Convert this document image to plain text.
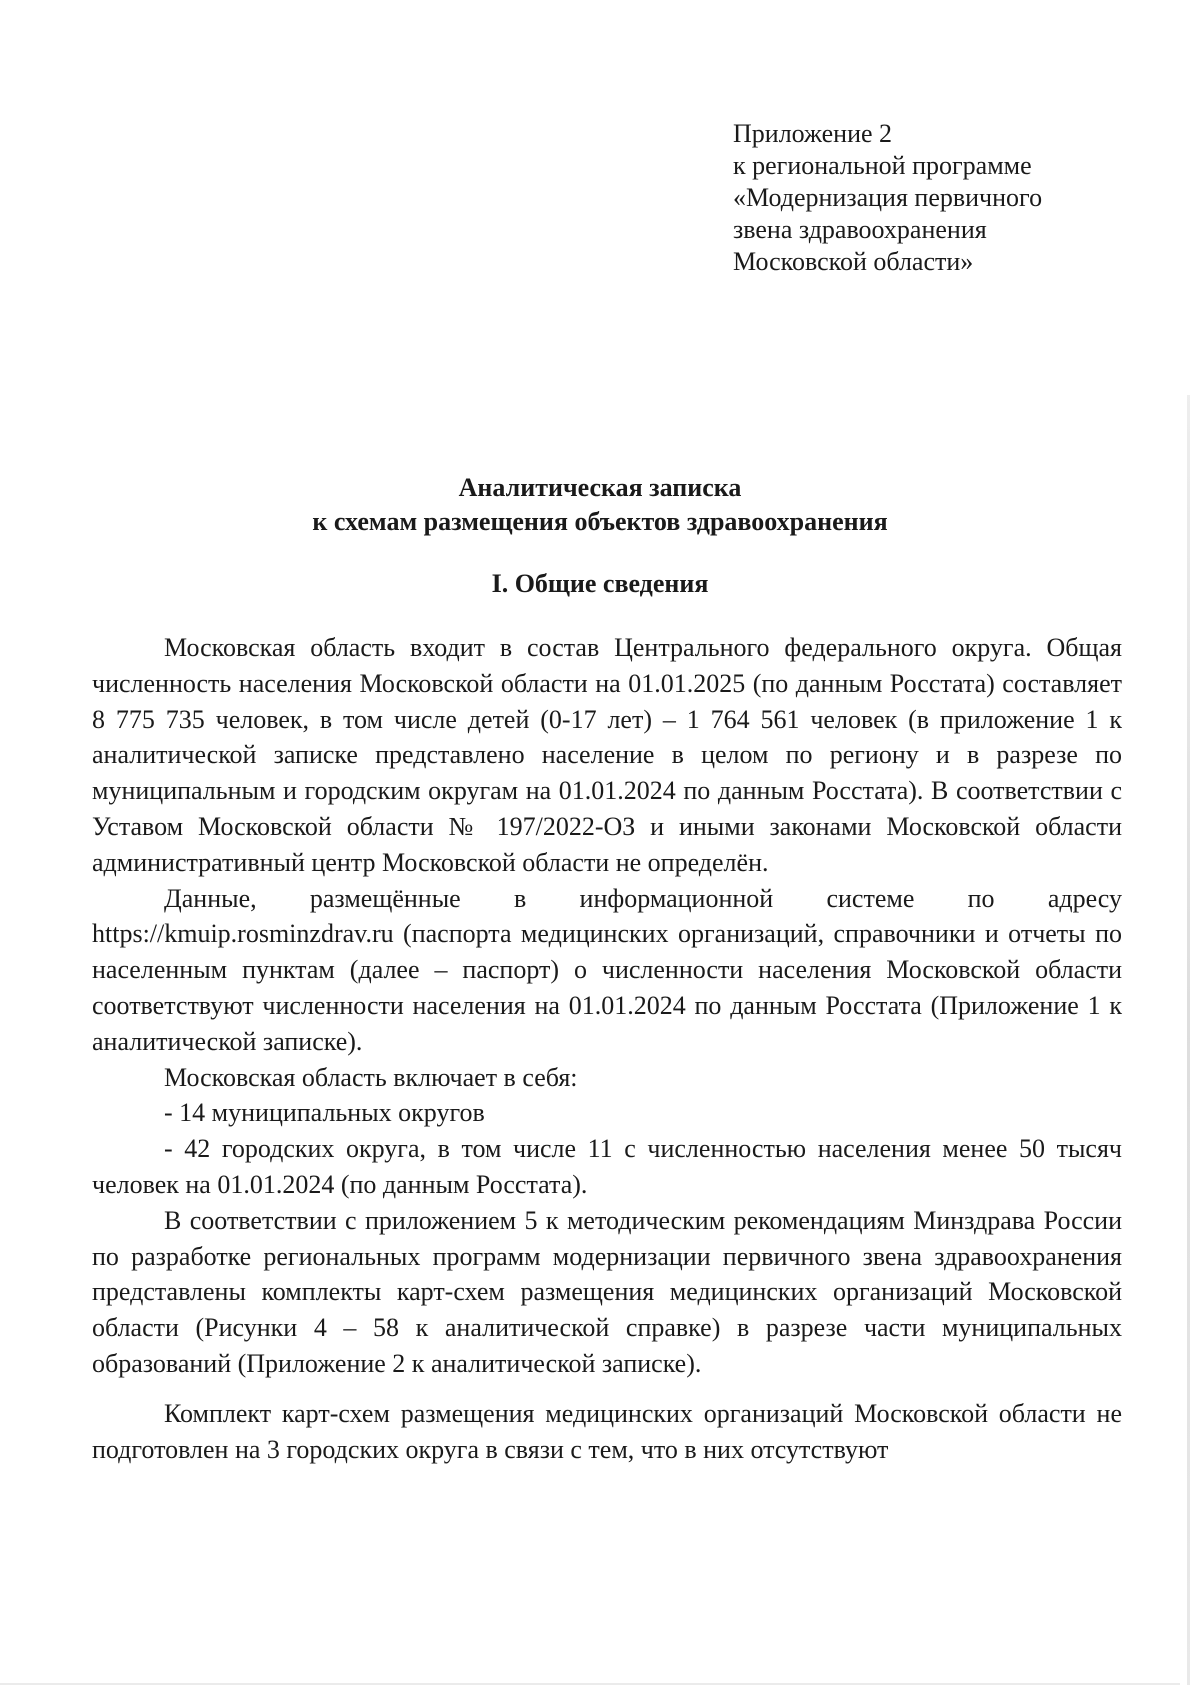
Приложение 2
к региональной программе
«Модернизация первичного
звена здравоохранения
Московской области»
Аналитическая записка
к схемам размещения объектов здравоохранения
I. Общие сведения

Московская область входит в состав Центрального федерального округа. Общая численность населения Московской области на 01.01.2025 (по данным Росстата) составляет 8 775 735 человек, в том числе детей (0-17 лет) – 1 764 561 человек (в приложение 1 к аналитической записке представлено население в целом по региону и в разрезе по муниципальным и городским округам на 01.01.2024 по данным Росстата). В соответствии с Уставом Московской области № 197/2022-ОЗ и иными законами Московской области административный центр Московской области не определён.

Данные, размещённые в информационной системе по адресу https://kmuip.rosminzdrav.ru (паспорта медицинских организаций, справочники и отчеты по населенным пунктам (далее – паспорт) о численности населения Московской области соответствуют численности населения на 01.01.2024 по данным Росстата (Приложение 1 к аналитической записке).

Московская область включает в себя:

- 14 муниципальных округов

- 42 городских округа, в том числе 11 с численностью населения менее 50 тысяч человек на 01.01.2024 (по данным Росстата).

В соответствии с приложением 5 к методическим рекомендациям Минздрава России по разработке региональных программ модернизации первичного звена здравоохранения представлены комплекты карт-схем размещения медицинских организаций Московской области (Рисунки 4 – 58 к аналитической справке) в разрезе части муниципальных образований (Приложение 2 к аналитической записке).

Комплект карт-схем размещения медицинских организаций Московской области не подготовлен на 3 городских округа в связи с тем, что в них отсутствуют
